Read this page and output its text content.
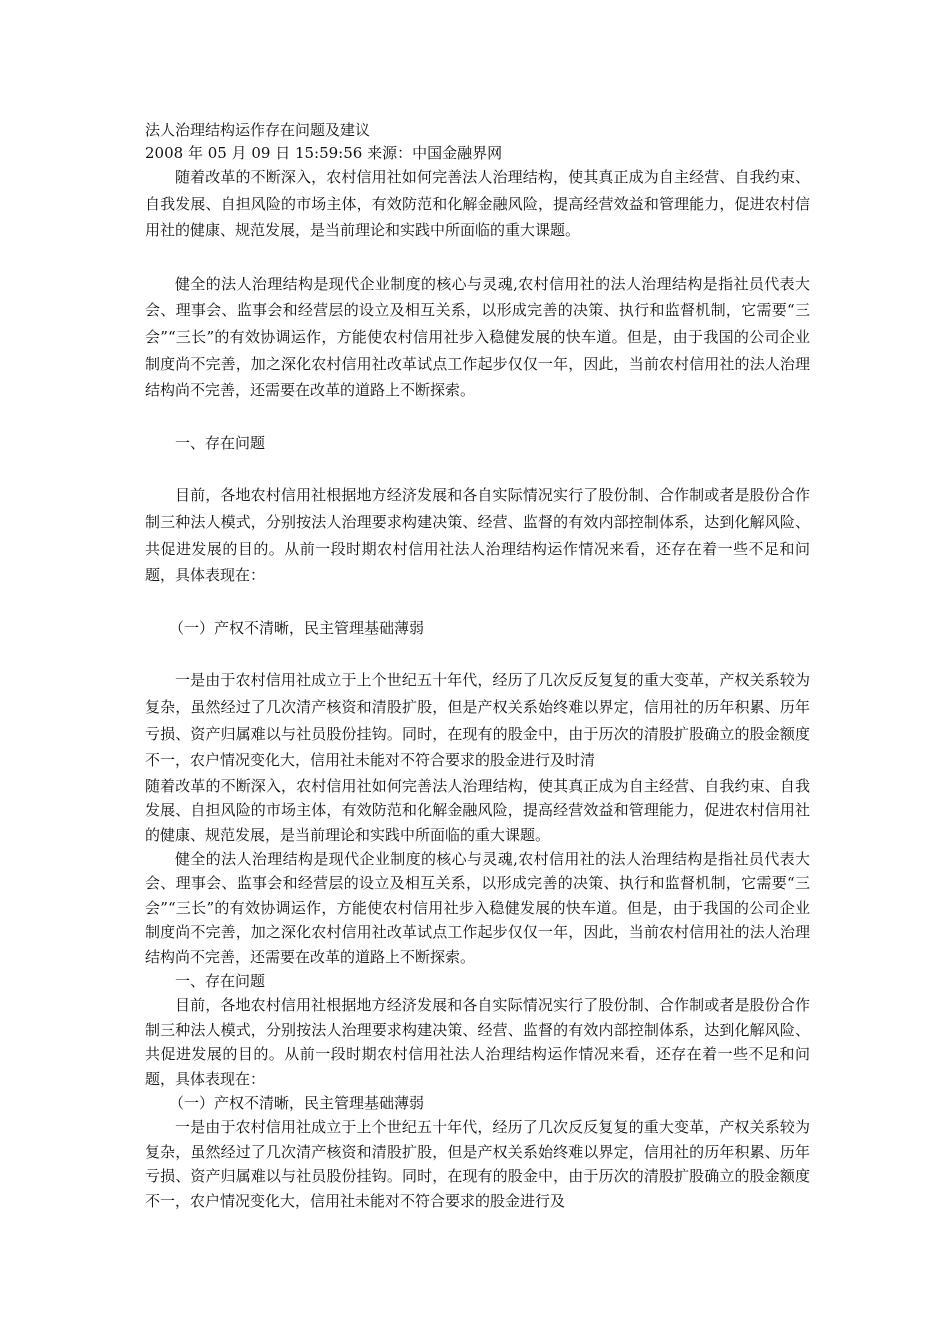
法人治理结构运作存在问题及建议
2008 年 05 月 09 日 15:59:56 来源：中国金融界网

随着改革的不断深入，农村信用社如何完善法人治理结构，使其真正成为自主经营、自我约束、自我发展、自担风险的市场主体，有效防范和化解金融风险，提高经营效益和管理能力，促进农村信用社的健康、规范发展，是当前理论和实践中所面临的重大课题。

健全的法人治理结构是现代企业制度的核心与灵魂,农村信用社的法人治理结构是指社员代表大会、理事会、监事会和经营层的设立及相互关系，以形成完善的决策、执行和监督机制，它需要“三会”“三长”的有效协调运作，方能使农村信用社步入稳健发展的快车道。但是，由于我国的公司企业制度尚不完善，加之深化农村信用社改革试点工作起步仅仅一年，因此，当前农村信用社的法人治理结构尚不完善，还需要在改革的道路上不断探索。

一、存在问题

目前，各地农村信用社根据地方经济发展和各自实际情况实行了股份制、合作制或者是股份合作制三种法人模式，分别按法人治理要求构建决策、经营、监督的有效内部控制体系，达到化解风险、共促进发展的目的。从前一段时期农村信用社法人治理结构运作情况来看，还存在着一些不足和问题，具体表现在：

（一）产权不清晰，民主管理基础薄弱

一是由于农村信用社成立于上个世纪五十年代，经历了几次反反复复的重大变革，产权关系较为复杂，虽然经过了几次清产核资和清股扩股，但是产权关系始终难以界定，信用社的历年积累、历年亏损、资产归属难以与社员股份挂钩。同时，在现有的股金中，由于历次的清股扩股确立的股金额度不一，农户情况变化大，信用社未能对不符合要求的股金进行及时清

随着改革的不断深入，农村信用社如何完善法人治理结构，使其真正成为自主经营、自我约束、自我发展、自担风险的市场主体，有效防范和化解金融风险，提高经营效益和管理能力，促进农村信用社的健康、规范发展，是当前理论和实践中所面临的重大课题。

健全的法人治理结构是现代企业制度的核心与灵魂,农村信用社的法人治理结构是指社员代表大会、理事会、监事会和经营层的设立及相互关系，以形成完善的决策、执行和监督机制，它需要“三会”“三长”的有效协调运作，方能使农村信用社步入稳健发展的快车道。但是，由于我国的公司企业制度尚不完善，加之深化农村信用社改革试点工作起步仅仅一年，因此，当前农村信用社的法人治理结构尚不完善，还需要在改革的道路上不断探索。

一、存在问题

目前，各地农村信用社根据地方经济发展和各自实际情况实行了股份制、合作制或者是股份合作制三种法人模式，分别按法人治理要求构建决策、经营、监督的有效内部控制体系，达到化解风险、共促进发展的目的。从前一段时期农村信用社法人治理结构运作情况来看，还存在着一些不足和问题，具体表现在：

（一）产权不清晰，民主管理基础薄弱

一是由于农村信用社成立于上个世纪五十年代，经历了几次反反复复的重大变革，产权关系较为复杂，虽然经过了几次清产核资和清股扩股，但是产权关系始终难以界定，信用社的历年积累、历年亏损、资产归属难以与社员股份挂钩。同时，在现有的股金中，由于历次的清股扩股确立的股金额度不一，农户情况变化大，信用社未能对不符合要求的股金进行及
